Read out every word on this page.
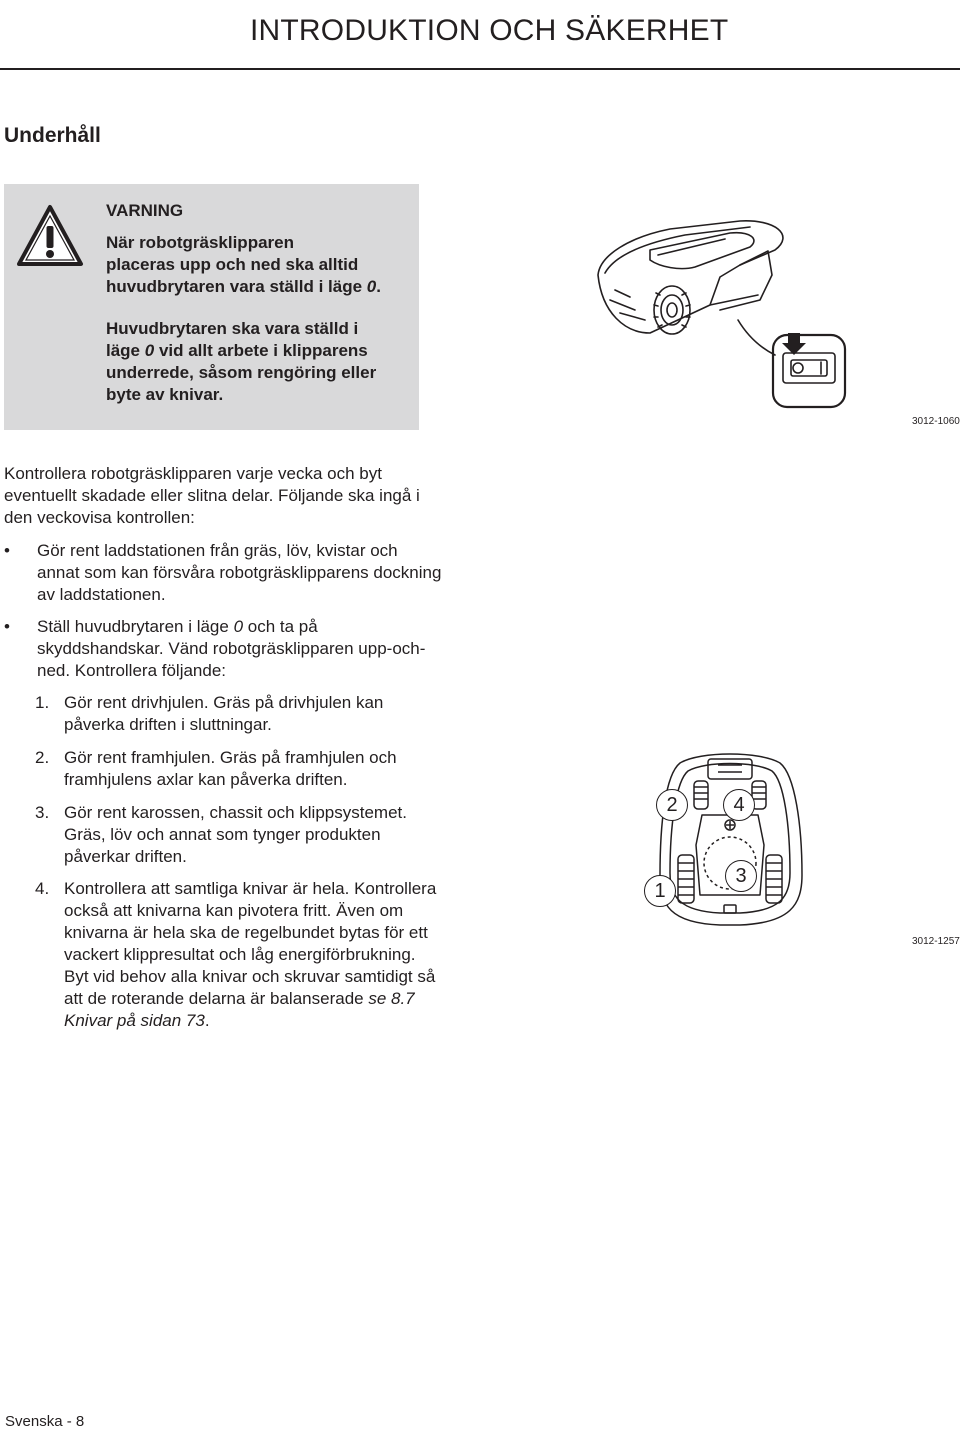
INTRODUKTION OCH SÄKERHET
Underhåll
VARNING
När robotgräsklipparen
placeras upp och ned ska alltid
huvudbrytaren vara ställd i läge 0.
Huvudbrytaren ska vara ställd i
läge 0 vid allt arbete i klipparens
underrede, såsom rengöring eller
byte av knivar.
3012-1060
Kontrollera robotgräsklipparen varje vecka och byt
eventuellt skadade eller slitna delar. Följande ska ingå i
den veckovisa kontrollen:
• Gör rent laddstationen från gräs, löv, kvistar och
annat som kan försvåra robotgräsklipparens dockning
av laddstationen.
• Ställ huvudbrytaren i läge 0 och ta på
skyddshandskar. Vänd robotgräsklipparen upp-och-
ned. Kontrollera följande:
1. Gör rent drivhjulen. Gräs på drivhjulen kan
påverka driften i sluttningar.
2. Gör rent framhjulen. Gräs på framhjulen och
framhjulens axlar kan påverka driften.
3. Gör rent karossen, chassit och klippsystemet.
Gräs, löv och annat som tynger produkten
påverkar driften.
4. Kontrollera att samtliga knivar är hela. Kontrollera
också att knivarna kan pivotera fritt. Även om
knivarna är hela ska de regelbundet bytas för ett
vackert klippresultat och låg energiförbrukning.
Byt vid behov alla knivar och skruvar samtidigt så
att de roterande delarna är balanserade se 8.7
Knivar på sidan 73.
2	4
3
1
3012-1257
Svenska - 8
